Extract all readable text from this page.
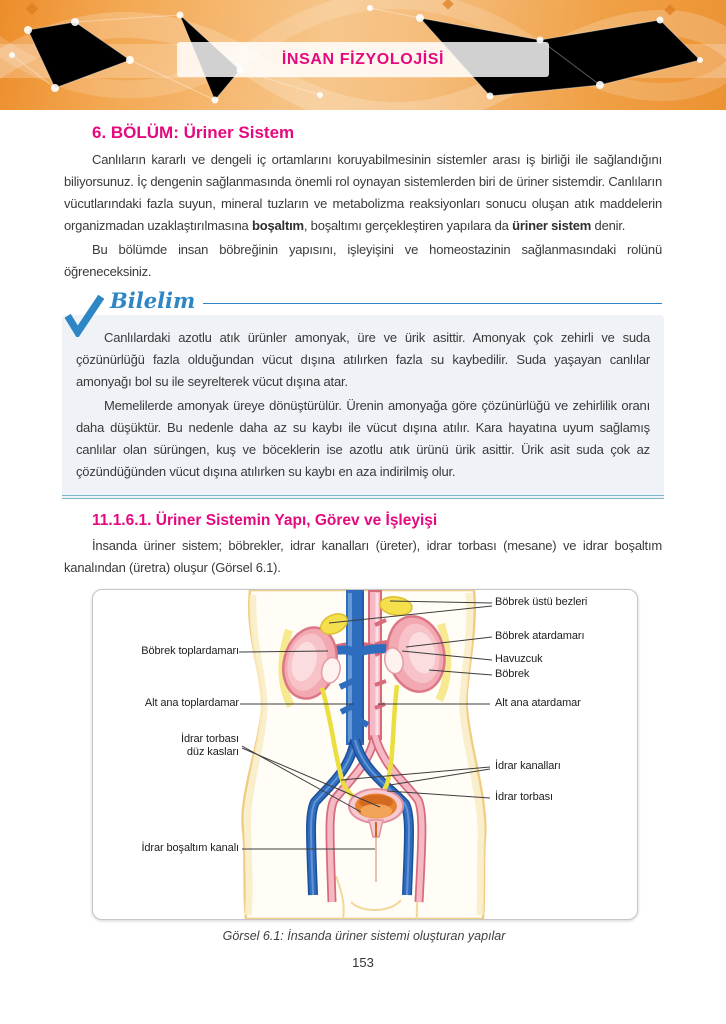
İNSAN FİZYOLOJİSİ
6. BÖLÜM: Üriner Sistem

Canlıların kararlı ve dengeli iç ortamlarını koruyabilmesinin sistemler arası iş birliği ile sağlandığını biliyorsunuz. İç dengenin sağlanmasında önemli rol oynayan sistemlerden biri de üriner sistemdir. Canlıların vücutlarındaki fazla suyun, mineral tuzların ve metabolizma reaksiyonları sonucu oluşan atık maddelerin organizmadan uzaklaştırılmasına boşaltım, boşaltımı gerçekleştiren yapılara da üriner sistem denir.

Bu bölümde insan böbreğinin yapısını, işleyişini ve homeostazinin sağlanmasındaki rolünü öğreneceksiniz.

Bilelim

Canlılardaki azotlu atık ürünler amonyak, üre ve ürik asittir. Amonyak çok zehirli ve suda çözünürlüğü fazla olduğundan vücut dışına atılırken fazla su kaybedilir. Suda yaşayan canlılar amonyağı bol su ile seyrelterek vücut dışına atar.

Memelilerde amonyak üreye dönüştürülür. Ürenin amonyağa göre çözünürlüğü ve zehirlilik oranı daha düşüktür. Bu nedenle daha az su kaybı ile vücut dışına atılır. Kara hayatına uyum sağlamış canlılar olan sürüngen, kuş ve böceklerin ise azotlu atık ürünü ürik asittir. Ürik asit suda çok az çözündüğünden vücut dışına atılırken su kaybı en aza indirilmiş olur.

11.1.6.1. Üriner Sistemin Yapı, Görev ve İşleyişi

İnsanda üriner sistem; böbrekler, idrar kanalları (üreter), idrar torbası (mesane) ve idrar boşaltım kanalından (üretra) oluşur (Görsel 6.1).

Böbrek üstü bezleri
Böbrek atardamarı
Havuzcuk
Böbrek
Alt ana atardamar
İdrar kanalları
İdrar torbası
Böbrek toplardamarı
Alt ana toplardamar
İdrar torbası
düz kasları
İdrar boşaltım kanalı
Görsel 6.1: İnsanda üriner sistemi oluşturan yapılar
153
